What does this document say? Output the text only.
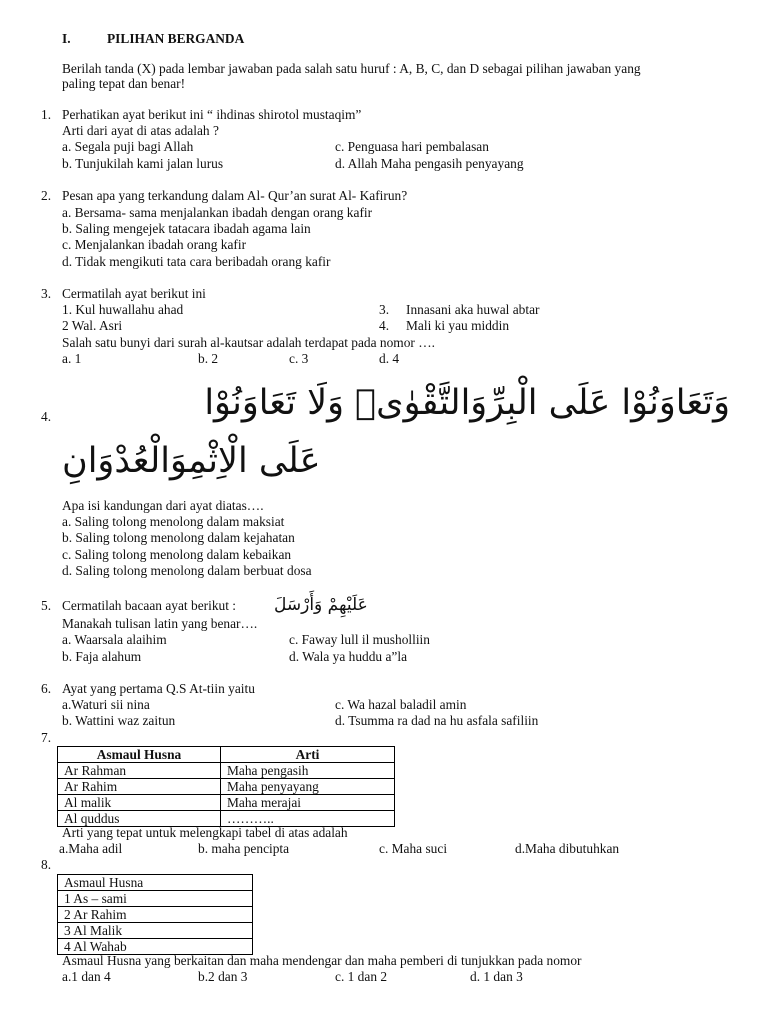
I.	PILIHAN BERGANDA
Berilah tanda (X) pada lembar jawaban pada salah satu huruf : A, B, C, dan D sebagai pilihan jawaban yang
paling tepat dan benar!
1. Perhatikan ayat berikut ini “ ihdinas shirotol mustaqim”
Arti dari ayat di atas adalah ?
a. Segala puji bagi Allah
b. Tunjukilah kami jalan lurus
c. Penguasa hari pembalasan
d. Allah Maha pengasih penyayang
2. Pesan apa yang terkandung dalam Al- Qur’an surat Al- Kafirun?
a. Bersama- sama menjalankan ibadah dengan orang kafir
b. Saling mengejek tatacara ibadah agama lain
c. Menjalankan ibadah orang kafir
d. Tidak mengikuti tata cara beribadah orang kafir
3. Cermatilah ayat berikut ini
1. Kul huwallahu ahad
2 Wal. Asri
3. Innasani aka huwal abtar
4. Mali ki yau middin
Salah satu bunyi dari surah al-kautsar adalah terdapat pada nomor ….
a. 1	b. 2	c. 3	d. 4
4.	وَتَعَاوَنُوْا عَلَى الْبِرِّوَالتَّقْوٰىۖ وَلَا تَعَاوَنُوْا
عَلَى الْاِثْمِوَالْعُدْوَانِ
Apa isi kandungan dari ayat diatas….
a. Saling tolong menolong dalam maksiat
b. Saling tolong menolong dalam kejahatan
c. Saling tolong menolong dalam kebaikan
d. Saling tolong menolong dalam berbuat dosa
5. Cermatilah bacaan ayat berikut : عَلَيْهِمْ وَأَرْسَلَ
Manakah tulisan latin yang benar….
a. Waarsala alaihim
b. Faja alahum
c. Faway lull il musholliin
d. Wala ya huddu a”la
6. Ayat yang pertama Q.S At-tiin yaitu
a.Waturi sii nina
b. Wattini waz zaitun
c. Wa hazal baladil amin
d. Tsumma ra dad na hu asfala safiliin
7.
Asmaul Husna	Arti
Ar Rahman	Maha pengasih
Ar Rahim	Maha penyayang
Al malik	Maha merajai
Al quddus	………..
Arti yang tepat untuk melengkapi tabel di atas adalah
a.Maha adil	b. maha pencipta	c. Maha suci	d.Maha dibutuhkan
8.
Asmaul Husna
1 As – sami
2 Ar Rahim
3 Al Malik
4 Al Wahab
Asmaul Husna yang berkaitan dan maha mendengar dan maha pemberi di tunjukkan pada nomor
a.1 dan 4	b.2 dan 3	c. 1 dan 2	d. 1 dan 3
